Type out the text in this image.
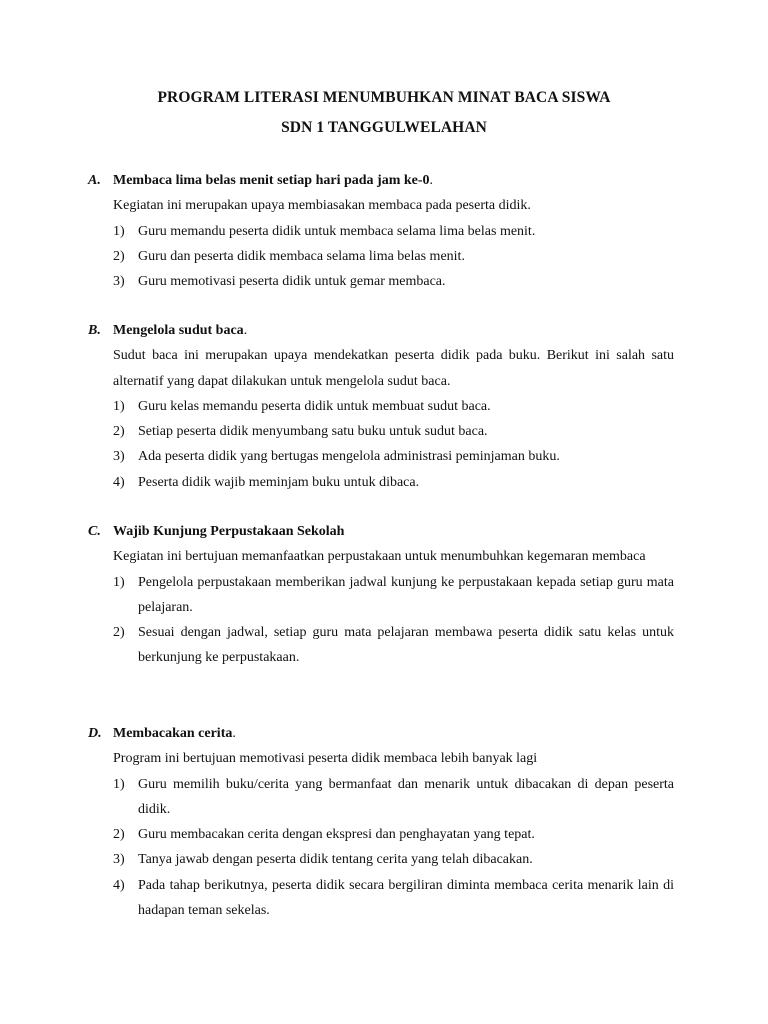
PROGRAM LITERASI MENUMBUHKAN MINAT BACA SISWA
SDN 1 TANGGULWELAHAN
A. Membaca lima belas menit setiap hari pada jam ke-0.
Kegiatan ini merupakan upaya membiasakan membaca pada peserta didik.
1) Guru memandu peserta didik untuk membaca selama lima belas menit.
2) Guru dan peserta didik membaca selama lima belas menit.
3) Guru memotivasi peserta didik untuk gemar membaca.
B. Mengelola sudut baca.
Sudut baca ini merupakan upaya mendekatkan peserta didik pada buku. Berikut ini salah satu alternatif yang dapat dilakukan untuk mengelola sudut baca.
1) Guru kelas memandu peserta didik untuk membuat sudut baca.
2) Setiap peserta didik menyumbang satu buku untuk sudut baca.
3) Ada peserta didik yang bertugas mengelola administrasi peminjaman buku.
4) Peserta didik wajib meminjam buku untuk dibaca.
C. Wajib Kunjung Perpustakaan Sekolah
Kegiatan ini bertujuan memanfaatkan perpustakaan untuk menumbuhkan kegemaran membaca
1) Pengelola perpustakaan memberikan jadwal kunjung ke perpustakaan kepada setiap guru mata pelajaran.
2) Sesuai dengan jadwal, setiap guru mata pelajaran membawa peserta didik satu kelas untuk berkunjung ke perpustakaan.
D. Membacakan cerita.
Program ini bertujuan memotivasi peserta didik membaca lebih banyak lagi
1) Guru memilih buku/cerita yang bermanfaat dan menarik untuk dibacakan di depan peserta didik.
2) Guru membacakan cerita dengan ekspresi dan penghayatan yang tepat.
3) Tanya jawab dengan peserta didik tentang cerita yang telah dibacakan.
4) Pada tahap berikutnya, peserta didik secara bergiliran diminta membaca cerita menarik lain di hadapan teman sekelas.
